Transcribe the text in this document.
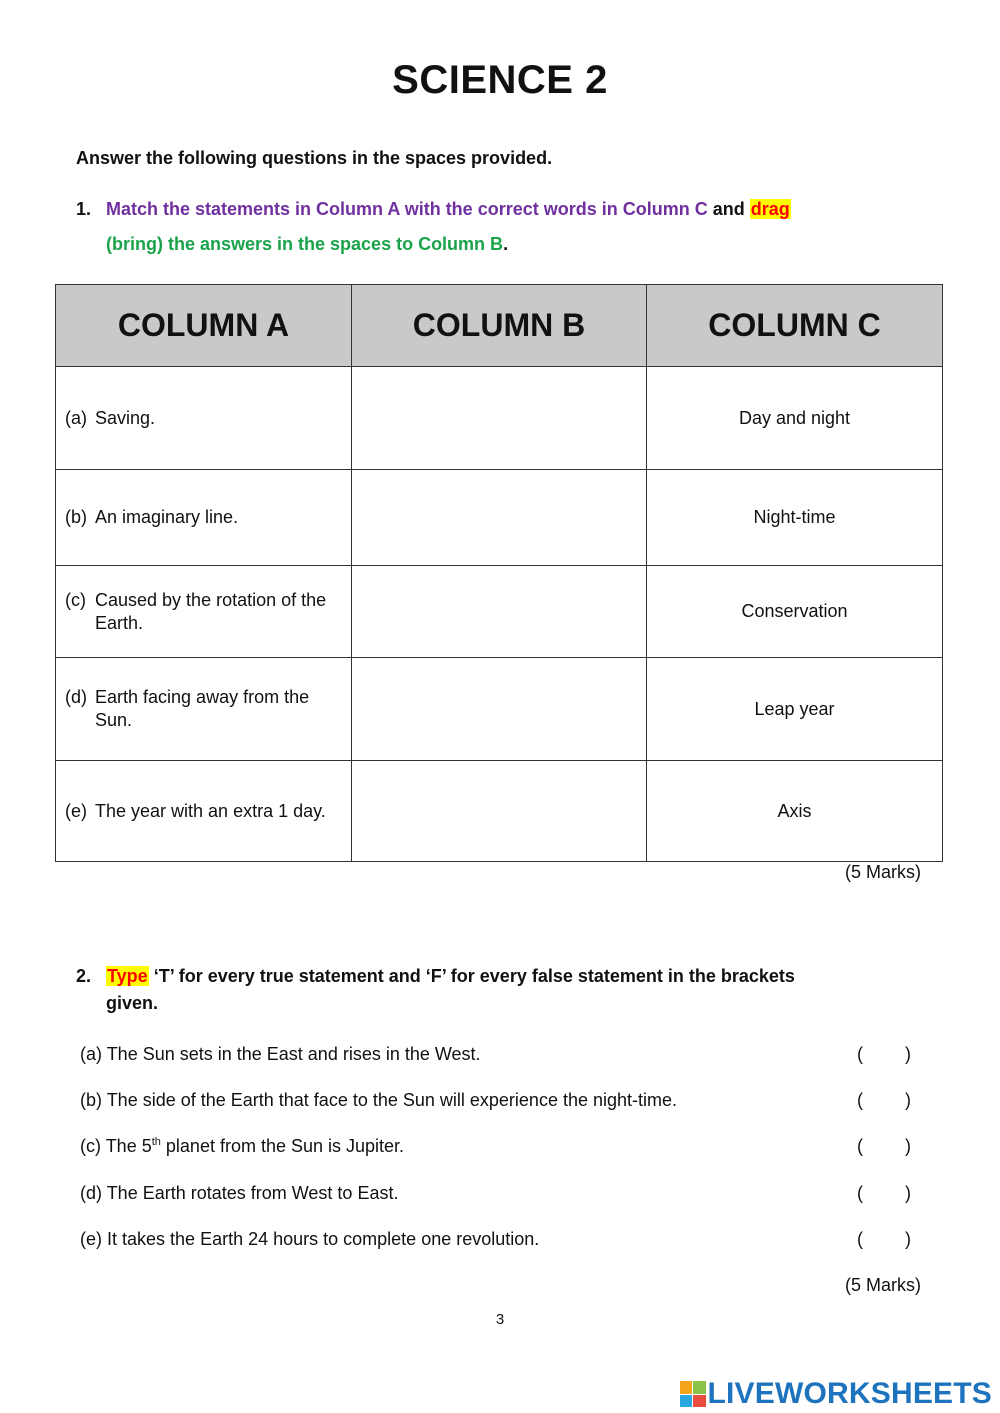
SCIENCE 2
Answer the following questions in the spaces provided.
1. Match the statements in Column A with the correct words in Column C and drag
(bring) the answers in the spaces to Column B.
COLUMN A	COLUMN B	COLUMN C
(a) Saving.		Day and night
(b) An imaginary line.		Night-time
(c) Caused by the rotation of the Earth.		Conservation
(d) Earth facing away from the Sun.		Leap year
(e) The year with an extra 1 day.		Axis
(5 Marks)
2. Type ‘T’ for every true statement and ‘F’ for every false statement in the brackets
given.
(a) The Sun sets in the East and rises in the West.	( )
(b) The side of the Earth that face to the Sun will experience the night-time.	( )
(c) The 5th planet from the Sun is Jupiter.	( )
(d) The Earth rotates from West to East.	( )
(e) It takes the Earth 24 hours to complete one revolution.	( )
(5 Marks)
3
LIVEWORKSHEETS
